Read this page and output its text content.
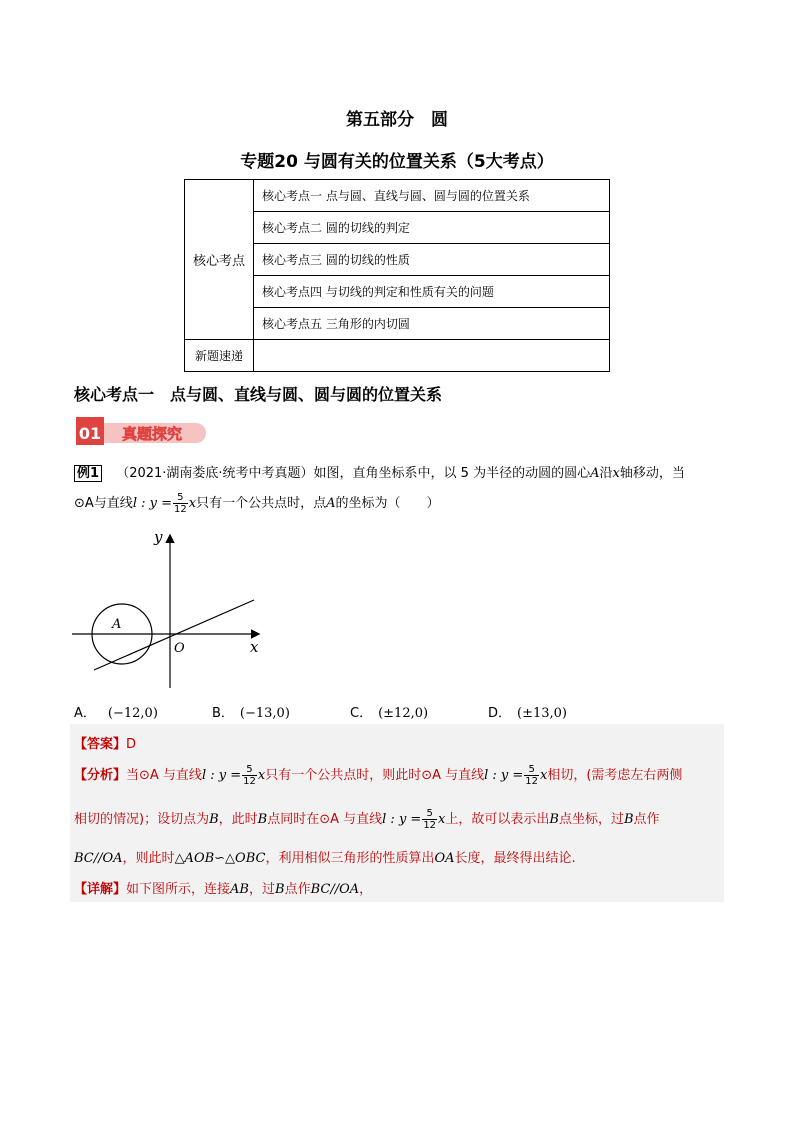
第五部分　圆
专题20 与圆有关的位置关系（5大考点）
核心考点	核心考点一 点与圆、直线与圆、圆与圆的位置关系
	核心考点二 圆的切线的判定
	核心考点三 圆的切线的性质
	核心考点四 与切线的判定和性质有关的问题
	核心考点五 三角形的内切圆
新题速递	
核心考点一　点与圆、直线与圆、圆与圆的位置关系
01 真题探究
例1 （2021·湖南娄底·统考中考真题）如图，直角坐标系中，以 5 为半径的动圆的圆心A沿x轴移动，当
⊙A与直线l : $y = \frac{5}{12}$ x只有一个公共点时，点A的坐标为（　　）
y
x
O
A
A． (−12,0)	B． (−13,0)	C． (±12,0)	D． (±13,0)
【答案】D
【分析】当⊙A 与直线l : $y = \frac{5}{12}$ x只有一个公共点时，则此时⊙A 与直线l : $y = \frac{5}{12}$ x相切，(需考虑左右两侧
相切的情况)；设切点为B，此时B点同时在⊙A 与直线l : $y = \frac{5}{12}$ x上，故可以表示出B点坐标，过B点作
BC//OA，则此时△AOB∽△OBC，利用相似三角形的性质算出OA长度，最终得出结论.
【详解】如下图所示，连接AB，过B点作BC//OA，
